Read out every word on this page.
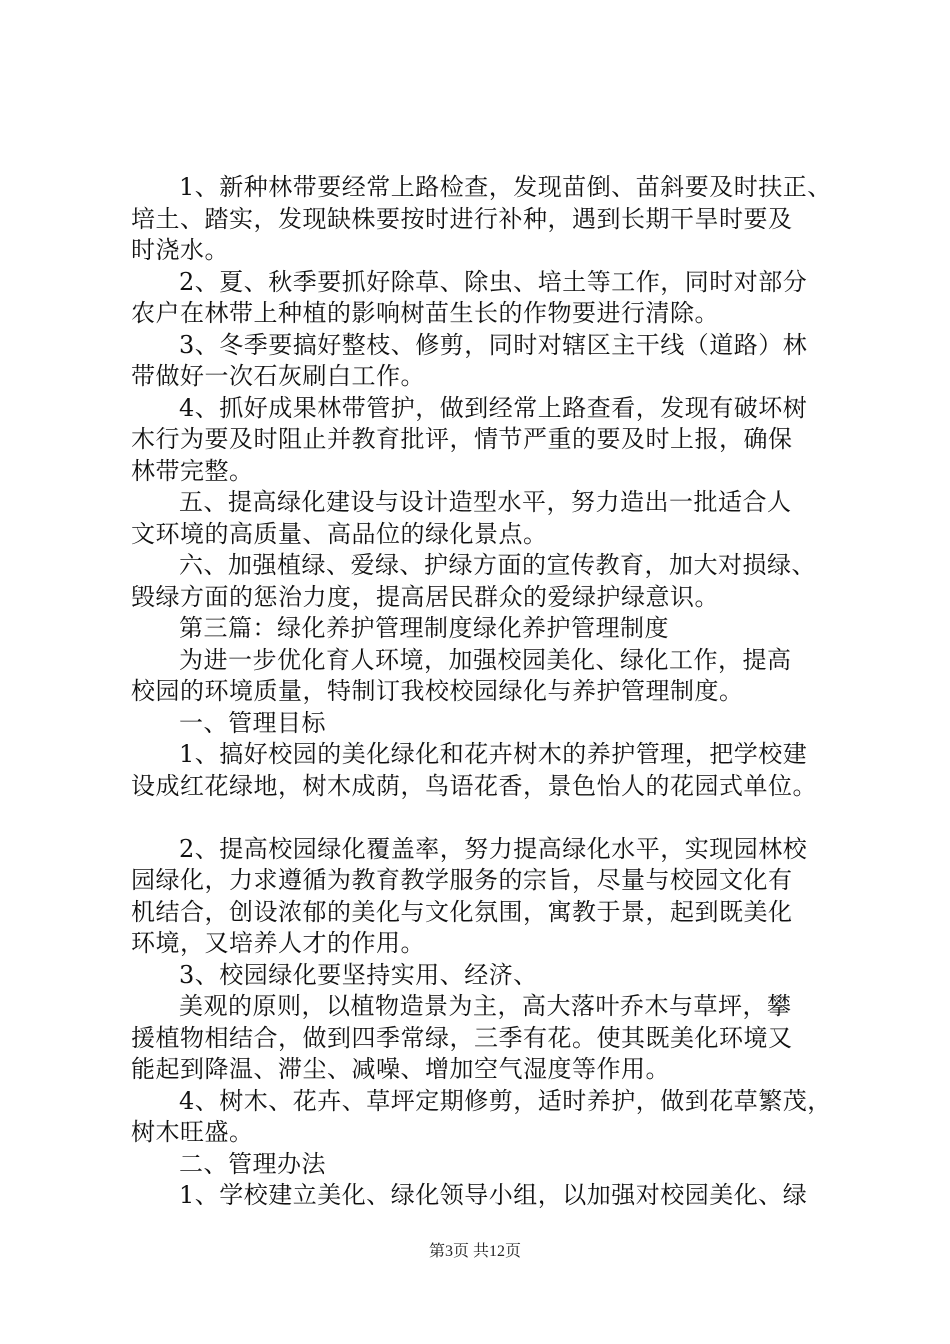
1、新种林带要经常上路检查，发现苗倒、苗斜要及时扶正、

培土、踏实，发现缺株要按时进行补种，遇到长期干旱时要及

时浇水。

2、夏、秋季要抓好除草、除虫、培土等工作，同时对部分

农户在林带上种植的影响树苗生长的作物要进行清除。

3、冬季要搞好整枝、修剪，同时对辖区主干线（道路）林

带做好一次石灰刷白工作。

4、抓好成果林带管护，做到经常上路查看，发现有破坏树

木行为要及时阻止并教育批评，情节严重的要及时上报，确保

林带完整。

五、提高绿化建设与设计造型水平，努力造出一批适合人

文环境的高质量、高品位的绿化景点。

六、加强植绿、爱绿、护绿方面的宣传教育，加大对损绿、

毁绿方面的惩治力度，提高居民群众的爱绿护绿意识。

第三篇：绿化养护管理制度绿化养护管理制度

为进一步优化育人环境，加强校园美化、绿化工作，提高

校园的环境质量，特制订我校校园绿化与养护管理制度。

一、管理目标

1、搞好校园的美化绿化和花卉树木的养护管理，把学校建

设成红花绿地，树木成荫，鸟语花香，景色怡人的花园式单位。

2、提高校园绿化覆盖率，努力提高绿化水平，实现园林校

园绿化，力求遵循为教育教学服务的宗旨，尽量与校园文化有

机结合，创设浓郁的美化与文化氛围，寓教于景，起到既美化

环境，又培养人才的作用。

3、校园绿化要坚持实用、经济、

美观的原则，以植物造景为主，高大落叶乔木与草坪，攀

援植物相结合，做到四季常绿，三季有花。使其既美化环境又

能起到降温、滞尘、减噪、增加空气湿度等作用。

4、树木、花卉、草坪定期修剪，适时养护，做到花草繁茂，

树木旺盛。

二、管理办法

1、学校建立美化、绿化领导小组，以加强对校园美化、绿

第3页 共12页
